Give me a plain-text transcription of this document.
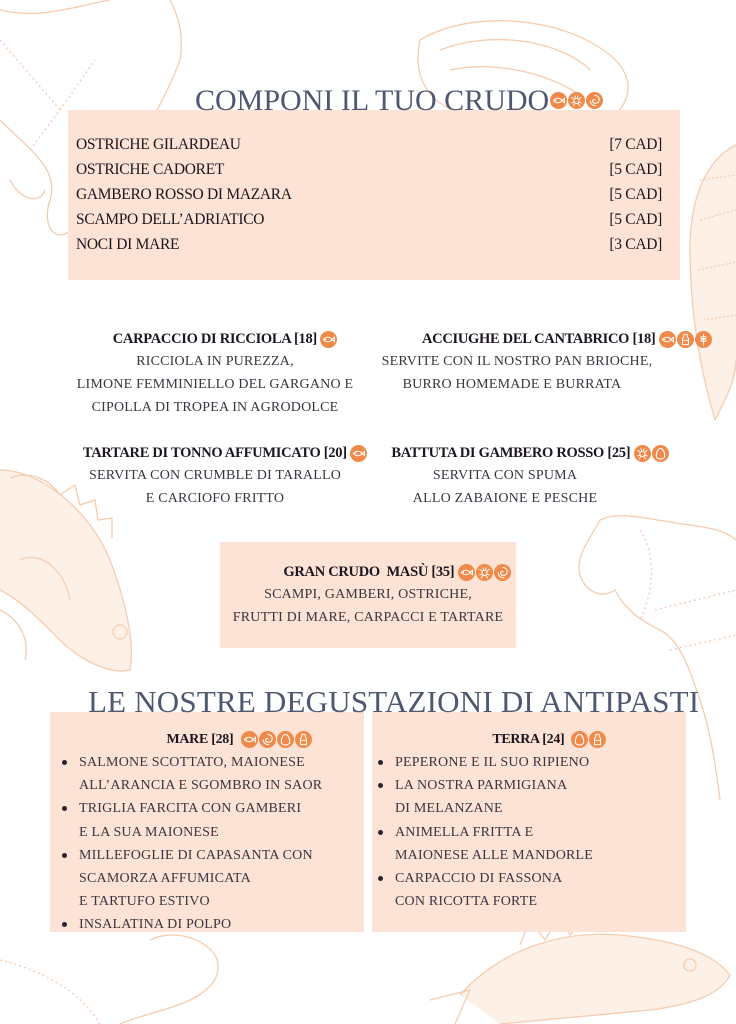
COMPONI IL TUO CRUDO
OSTRICHE GILARDEAU	[7 CAD]
OSTRICHE CADORET	[5 CAD]
GAMBERO ROSSO DI MAZARA	[5 CAD]
SCAMPO DELL’ADRIATICO	[5 CAD]
NOCI DI MARE	[3 CAD]
CARPACCIO DI RICCIOLA [18]
RICCIOLA IN PUREZZA,
LIMONE FEMMINIELLO DEL GARGANO E
CIPOLLA DI TROPEA IN AGRODOLCE
ACCIUGHE DEL CANTABRICO [18]
SERVITE CON IL NOSTRO PAN BRIOCHE,
BURRO HOMEMADE E BURRATA
TARTARE DI TONNO AFFUMICATO [20]
SERVITA CON CRUMBLE DI TARALLO
E CARCIOFO FRITTO
BATTUTA DI GAMBERO ROSSO [25]
SERVITA CON SPUMA
ALLO ZABAIONE E PESCHE
GRAN CRUDO  MASÙ [35]
SCAMPI, GAMBERI, OSTRICHE,
FRUTTI DI MARE, CARPACCI E TARTARE
LE NOSTRE DEGUSTAZIONI DI ANTIPASTI
MARE [28]
SALMONE SCOTTATO, MAIONESE
ALL’ARANCIA E SGOMBRO IN SAOR
TRIGLIA FARCITA CON GAMBERI
E LA SUA MAIONESE
MILLEFOGLIE DI CAPASANTA CON
SCAMORZA AFFUMICATA
E TARTUFO ESTIVO
INSALATINA DI POLPO
TERRA [24]
PEPERONE E IL SUO RIPIENO
LA NOSTRA PARMIGIANA
DI MELANZANE
ANIMELLA FRITTA E
MAIONESE ALLE MANDORLE
CARPACCIO DI FASSONA
CON RICOTTA FORTE
